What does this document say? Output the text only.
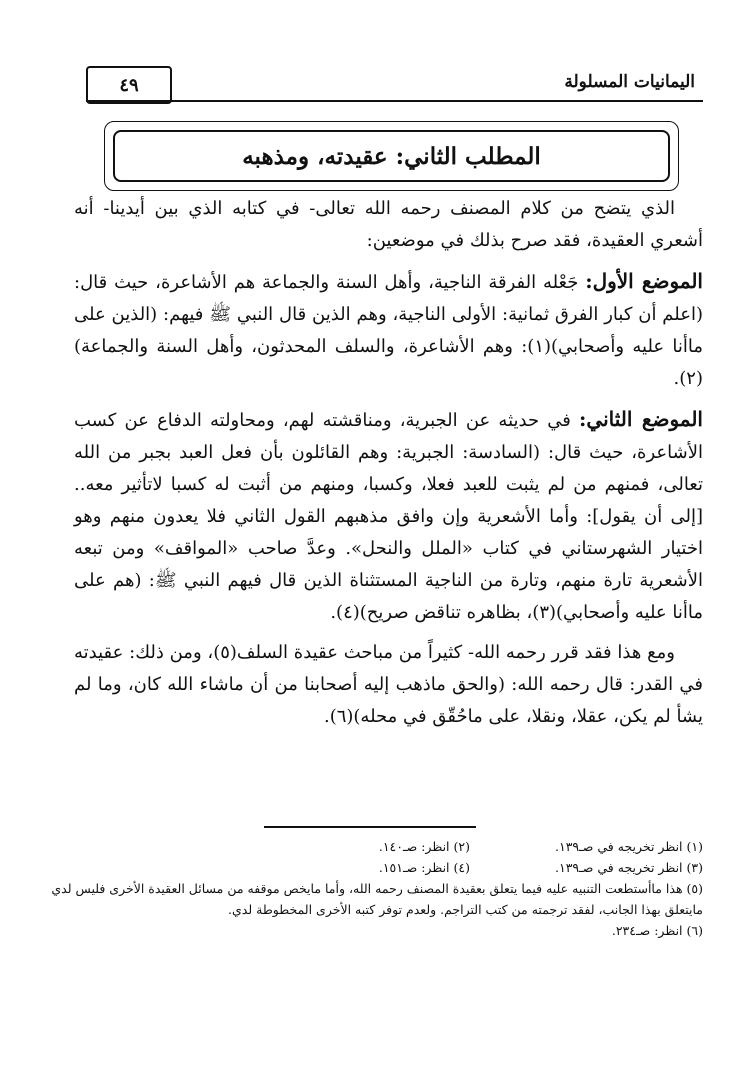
اليمانيات المسلولة
٤٩
المطلب الثاني: عقيدته، ومذهبه

الذي يتضح من كلام المصنف رحمه الله تعالى- في كتابه الذي بين أيدينا- أنه أشعري العقيدة، فقد صرح بذلك في موضعين:

الموضع الأول: جَعْله الفرقة الناجية، وأهل السنة والجماعة هم الأشاعرة، حيث قال: (اعلم أن كبار الفرق ثمانية: الأولى الناجية، وهم الذين قال النبي ﷺ فيهم: (الذين على ماأنا عليه وأصحابي)(١): وهم الأشاعرة، والسلف المحدثون، وأهل السنة والجماعة)(٢).

الموضع الثاني: في حديثه عن الجبرية، ومناقشته لهم، ومحاولته الدفاع عن كسب الأشاعرة، حيث قال: (السادسة: الجبرية: وهم القائلون بأن فعل العبد بجبر من الله تعالى، فمنهم من لم يثبت للعبد فعلا، وكسبا، ومنهم من أثبت له كسبا لاتأثير معه.. [إلى أن يقول]: وأما الأشعرية وإن وافق مذهبهم القول الثاني فلا يعدون منهم وهو اختيار الشهرستاني في كتاب «الملل والنحل». وعدَّ صاحب «المواقف» ومن تبعه الأشعرية تارة منهم، وتارة من الناجية المستثناة الذين قال فيهم النبي ﷺ: (هم على ماأنا عليه وأصحابي)(٣)، بظاهره تناقض صريح)(٤).

ومع هذا فقد قرر رحمه الله- كثيراً من مباحث عقيدة السلف(٥)، ومن ذلك: عقيدته في القدر: قال رحمه الله: (والحق ماذهب إليه أصحابنا من أن ماشاء الله كان، وما لم يشأ لم يكن، عقلا، ونقلا، على ماحُقّق في محله)(٦).

(١) انظر تخريجه في صـ١٣٩.
(٢) انظر: صـ١٤٠.
(٣) انظر تخريجه في صـ١٣٩.
(٤) انظر: صـ١٥١.

(٥) هذا ماأستطعت التنبيه عليه فيما يتعلق بعقيدة المصنف رحمه الله، وأما مايخص موقفه من مسائل العقيدة الأخرى فليس لدي مايتعلق بهذا الجانب، لفقد ترجمته من كتب التراجم. ولعدم توفر كتبه الأخرى المخطوطة لدي.

(٦) انظر: صـ٢٣٤.
